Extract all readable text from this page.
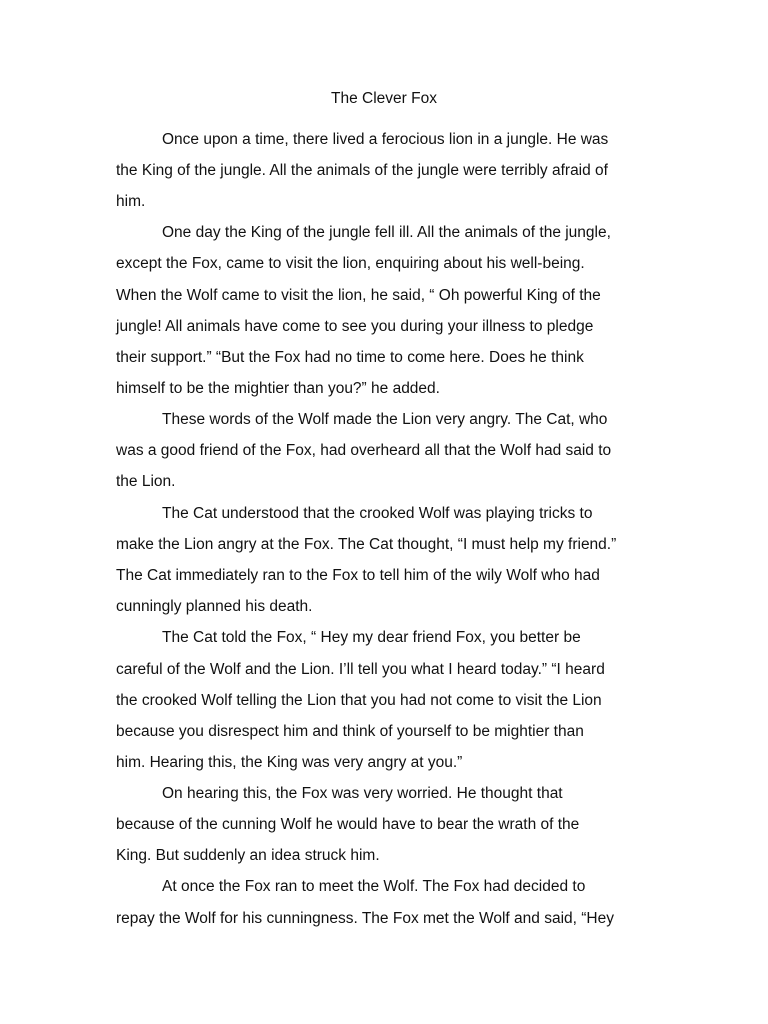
The Clever Fox

Once upon a time, there lived a ferocious lion in a jungle. He was

the King of the jungle. All the animals of the jungle were terribly afraid of

him.

One day the King of the jungle fell ill. All the animals of the jungle,

except the Fox, came to visit the lion, enquiring about his well-being.

When the Wolf came to visit the lion, he said, “ Oh powerful King of the

jungle! All animals have come to see you during your illness to pledge

their support.” “But the Fox had no time to come here. Does he think

himself to be the mightier than you?” he added.

These words of the Wolf made the Lion very angry. The Cat, who

was a good friend of the Fox, had overheard all that the Wolf had said to

the Lion.

The Cat understood that the crooked Wolf was playing tricks to

make the Lion angry at the Fox. The Cat thought, “I must help my friend.”

The Cat immediately ran to the Fox to tell him of the wily Wolf who had

cunningly planned his death.

The Cat told the Fox, “ Hey my dear friend Fox, you better be

careful of the Wolf and the Lion. I’ll tell you what I heard today.” “I heard

the crooked Wolf telling the Lion that you had not come to visit the Lion

because you disrespect him and think of yourself to be mightier than

him. Hearing this, the King was very angry at you.”

On hearing this, the Fox was very worried. He thought that

because of the cunning Wolf he would have to bear the wrath of the

King. But suddenly an idea struck him.

At once the Fox ran to meet the Wolf. The Fox had decided to

repay the Wolf for his cunningness. The Fox met the Wolf and said, “Hey
